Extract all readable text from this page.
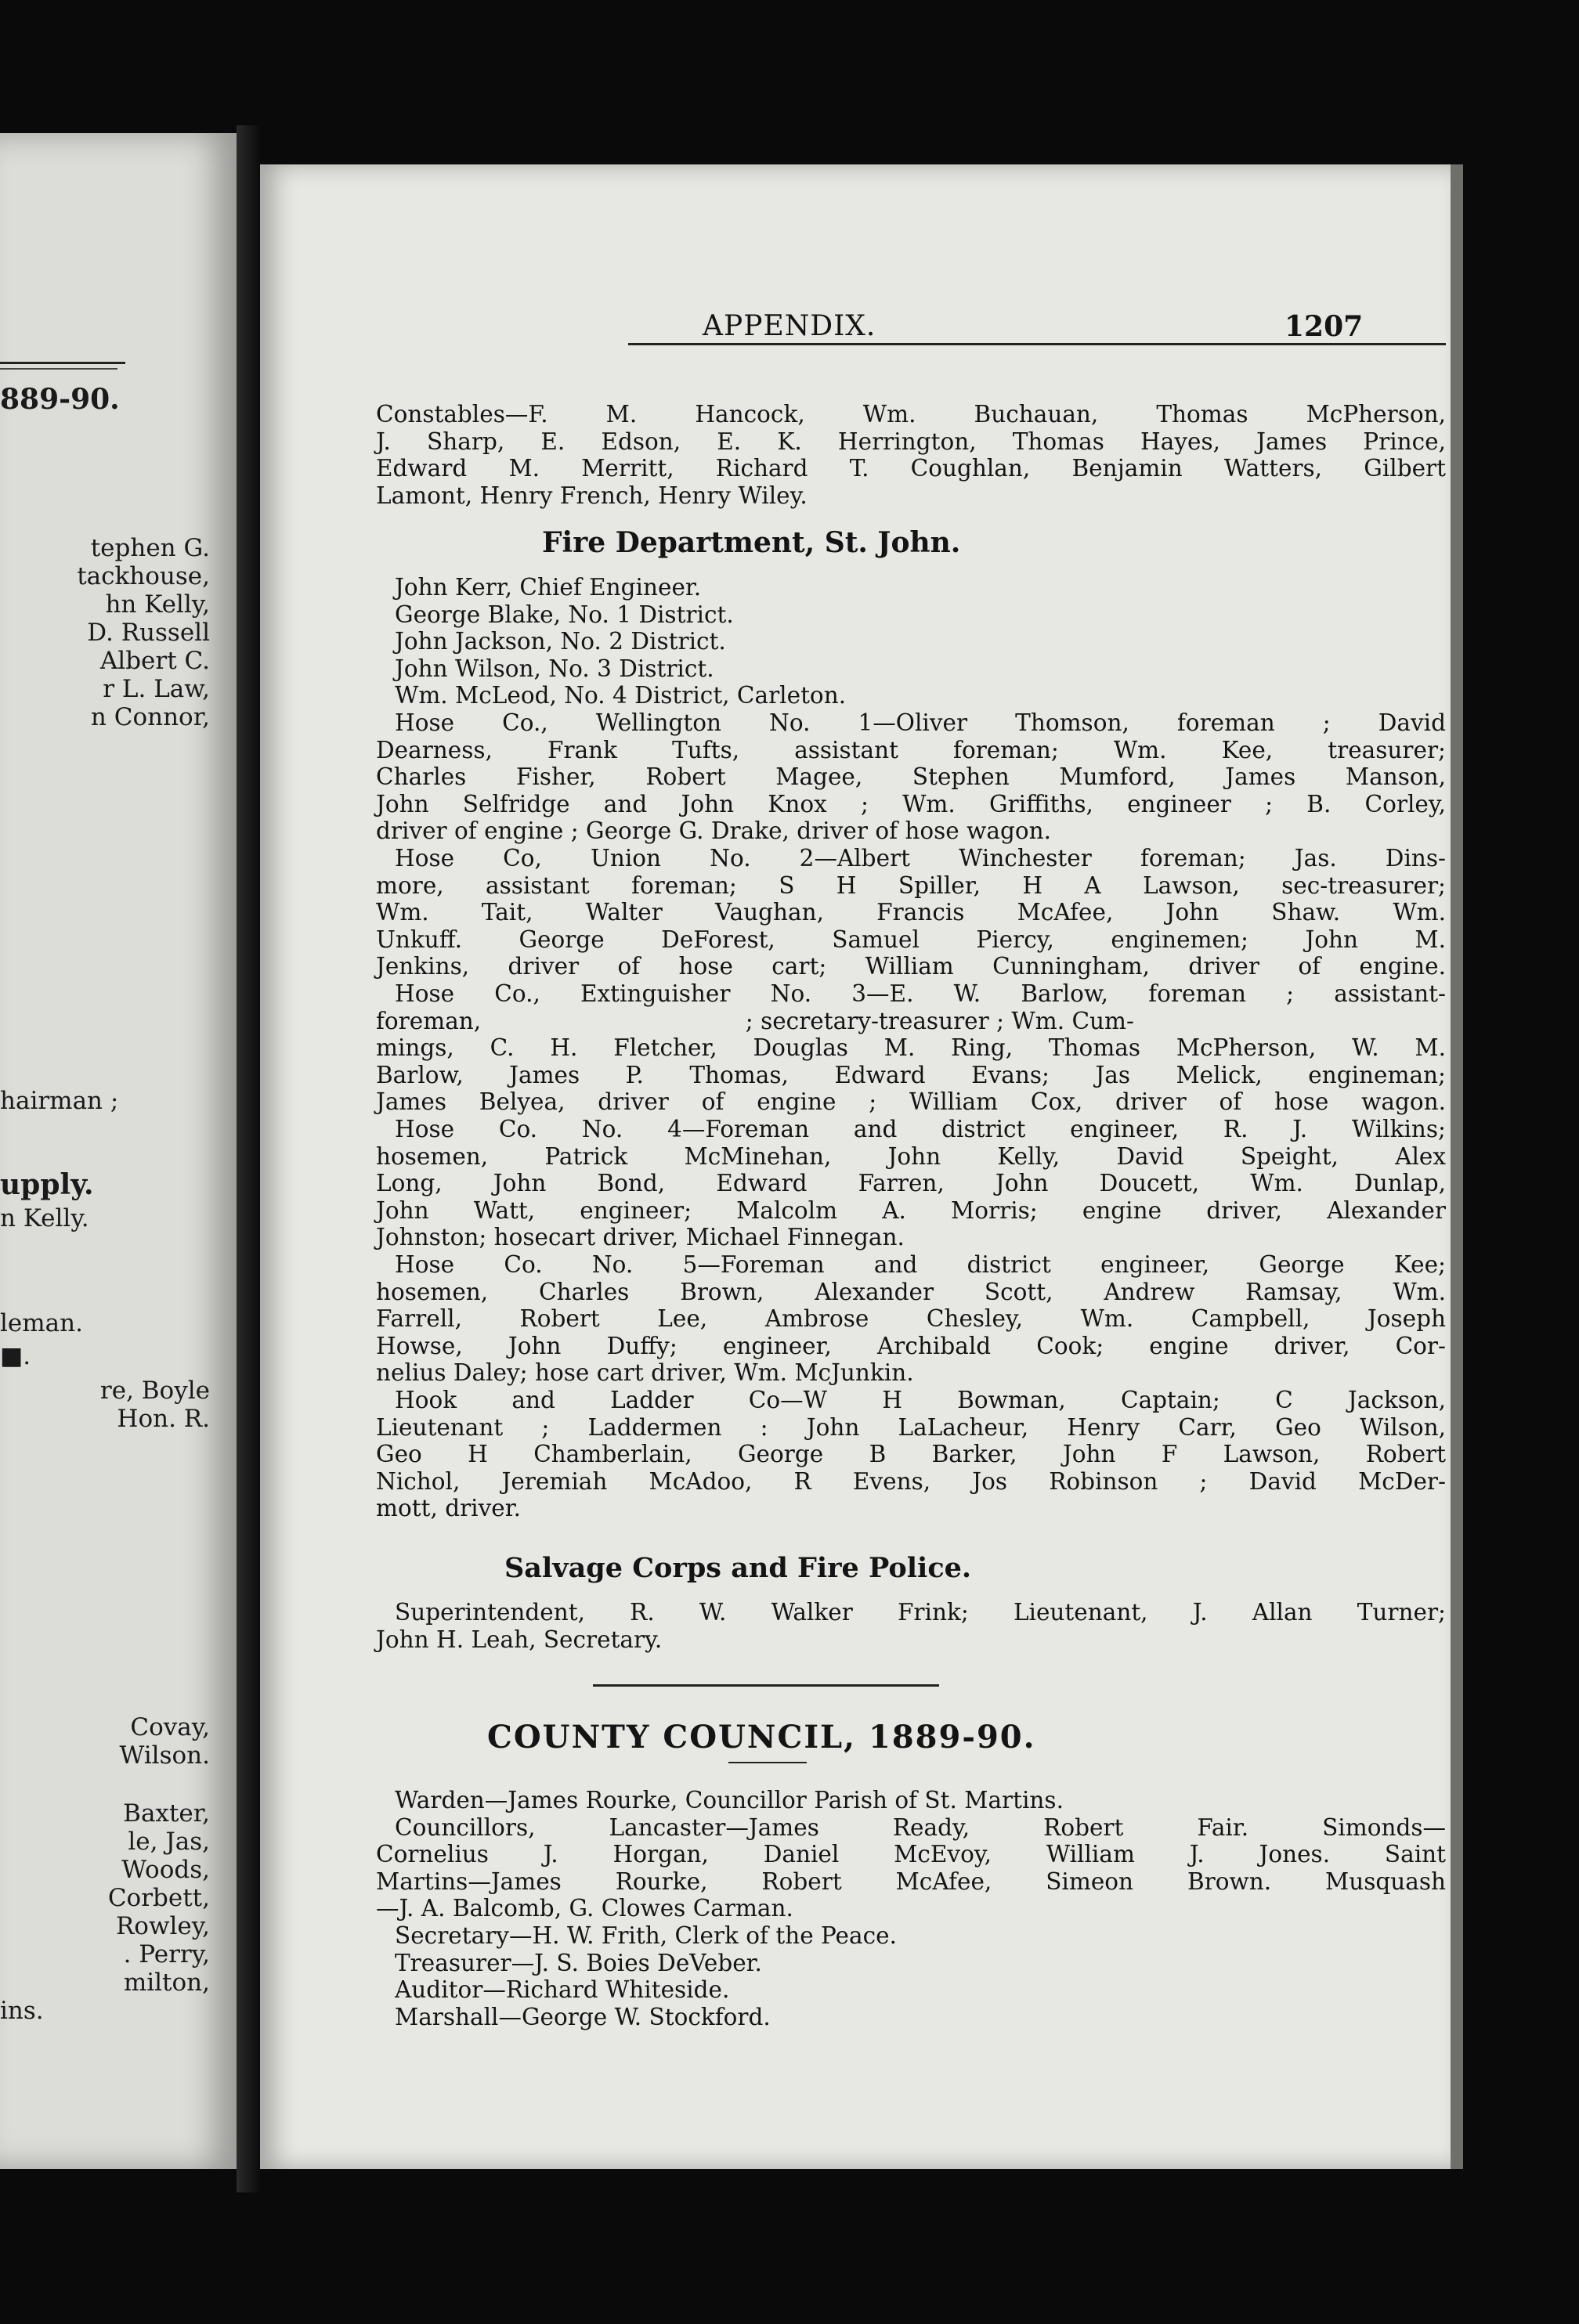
889-90.
tephen G.
tackhouse,
hn Kelly,
D. Russell
Albert C.
r L. Law,
n Connor,
hairman ;
upply.
n Kelly.
leman.
■.
re, Boyle
Hon. R.
Covay,
Wilson.
Baxter,
le, Jas,
Woods,
Corbett,
Rowley,
. Perry,
milton,
ins.
APPENDIX.	1207
Constables—F. M. Hancock, Wm. Buchauan, Thomas McPherson,
J. Sharp, E. Edson, E. K. Herrington, Thomas Hayes, James Prince,
Edward M. Merritt, Richard T. Coughlan, Benjamin Watters, Gilbert
Lamont, Henry French, Henry Wiley.
Fire Department, St. John.
John Kerr, Chief Engineer.
George Blake, No. 1 District.
John Jackson, No. 2 District.
John Wilson, No. 3 District.
Wm. McLeod, No. 4 District, Carleton.
Hose Co., Wellington No. 1—Oliver Thomson, foreman ; David
Dearness, Frank Tufts, assistant foreman; Wm. Kee, treasurer;
Charles Fisher, Robert Magee, Stephen Mumford, James Manson,
John Selfridge and John Knox ; Wm. Griffiths, engineer ; B. Corley,
driver of engine ; George G. Drake, driver of hose wagon.
Hose Co, Union No. 2—Albert Winchester foreman; Jas. Dins-
more, assistant foreman; S H Spiller, H A Lawson, sec-treasurer;
Wm. Tait, Walter Vaughan, Francis McAfee, John Shaw. Wm.
Unkuff. George DeForest, Samuel Piercy, enginemen; John M.
Jenkins, driver of hose cart; William Cunningham, driver of engine.
Hose Co., Extinguisher No. 3—E. W. Barlow, foreman ; assistant-
foreman,                                    ; secretary-treasurer ; Wm. Cum-
mings, C. H. Fletcher, Douglas M. Ring, Thomas McPherson, W. M.
Barlow, James P. Thomas, Edward Evans; Jas Melick, engineman;
James Belyea, driver of engine ; William Cox, driver of hose wagon.
Hose Co. No. 4—Foreman and district engineer, R. J. Wilkins;
hosemen, Patrick McMinehan, John Kelly, David Speight, Alex
Long, John Bond, Edward Farren, John Doucett, Wm. Dunlap,
John Watt, engineer; Malcolm A. Morris; engine driver, Alexander
Johnston; hosecart driver, Michael Finnegan.
Hose Co. No. 5—Foreman and district engineer, George Kee;
hosemen, Charles Brown, Alexander Scott, Andrew Ramsay, Wm.
Farrell, Robert Lee, Ambrose Chesley, Wm. Campbell, Joseph
Howse, John Duffy; engineer, Archibald Cook; engine driver, Cor-
nelius Daley; hose cart driver, Wm. McJunkin.
Hook and Ladder Co—W H Bowman, Captain; C Jackson,
Lieutenant ; Laddermen : John LaLacheur, Henry Carr, Geo Wilson,
Geo H Chamberlain, George B Barker, John F Lawson, Robert
Nichol, Jeremiah McAdoo, R Evens, Jos Robinson ; David McDer-
mott, driver.
Salvage Corps and Fire Police.
Superintendent, R. W. Walker Frink; Lieutenant, J. Allan Turner;
John H. Leah, Secretary.
COUNTY COUNCIL, 1889-90.
Warden—James Rourke, Councillor Parish of St. Martins.
Councillors, Lancaster—James Ready, Robert Fair. Simonds—
Cornelius J. Horgan, Daniel McEvoy, William J. Jones. Saint
Martins—James Rourke, Robert McAfee, Simeon Brown. Musquash
—J. A. Balcomb, G. Clowes Carman.
Secretary—H. W. Frith, Clerk of the Peace.
Treasurer—J. S. Boies DeVeber.
Auditor—Richard Whiteside.
Marshall—George W. Stockford.
